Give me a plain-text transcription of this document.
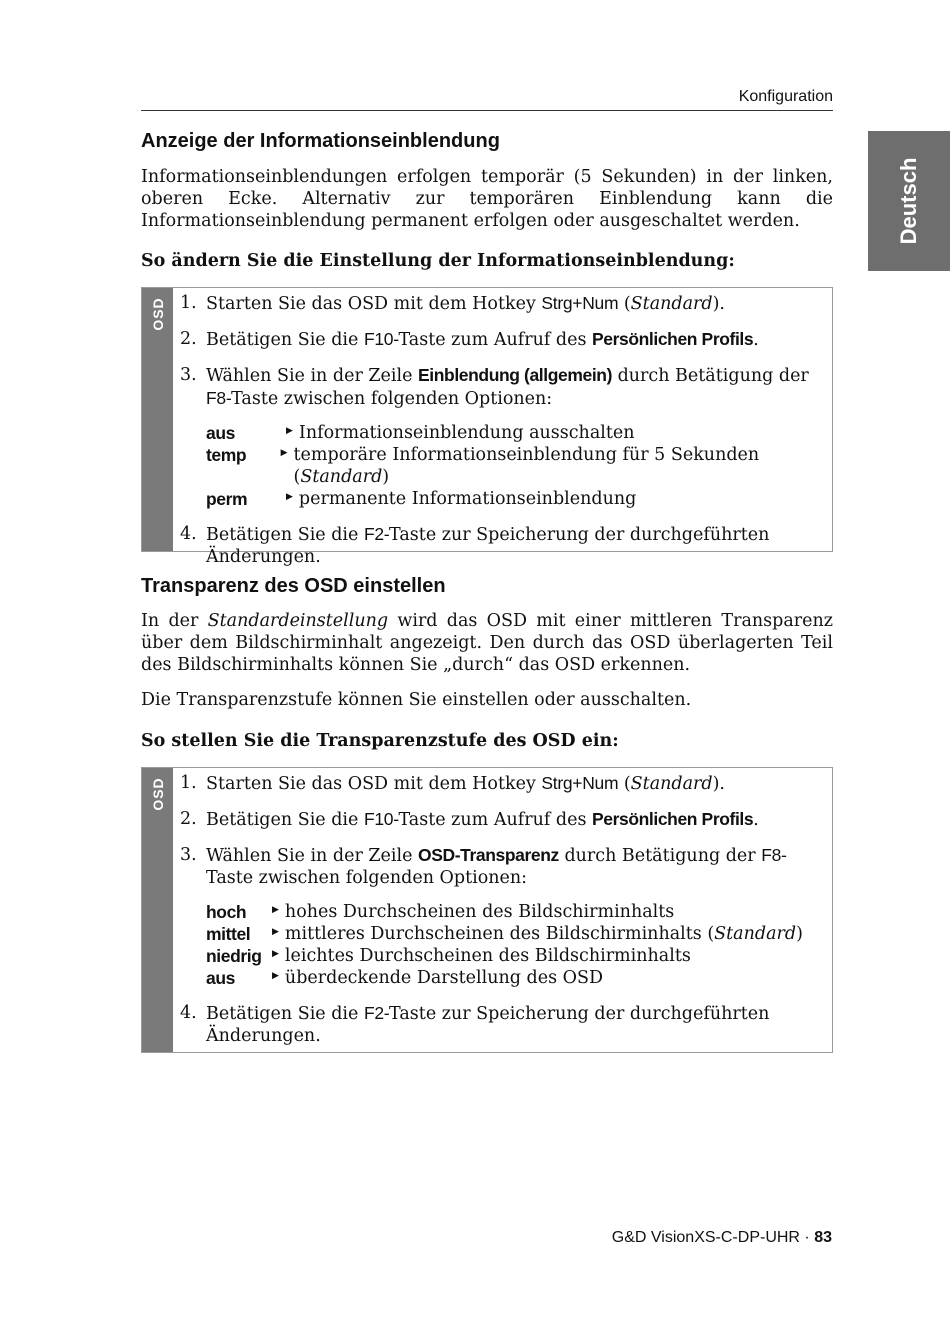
Konfiguration
Deutsch
Anzeige der Informationseinblendung

Informationseinblendungen erfolgen temporär (5 Sekunden) in der linken, oberen Ecke. Alternativ zur temporären Einblendung kann die Informationseinblendung permanent erfolgen oder ausgeschaltet werden.

So ändern Sie die Einstellung der Informationseinblendung:

OSD 1. Starten Sie das OSD mit dem Hotkey Strg+Num (Standard).
2. Betätigen Sie die F10-Taste zum Aufruf des Persönlichen Profils.
3. Wählen Sie in der Zeile Einblendung (allgemein) durch Betätigung der F8-Taste zwischen folgenden Optionen:
aus	▶ Informationseinblendung ausschalten
temp	▶ temporäre Informationseinblendung für 5 Sekunden (Standard)
perm	▶ permanente Informationseinblendung
4. Betätigen Sie die F2-Taste zur Speicherung der durchgeführten Änderungen.
Transparenz des OSD einstellen

In der Standardeinstellung wird das OSD mit einer mittleren Transparenz über dem Bildschirminhalt angezeigt. Den durch das OSD überlagerten Teil des Bildschirminhalts können Sie „durch“ das OSD erkennen.

Die Transparenzstufe können Sie einstellen oder ausschalten.

So stellen Sie die Transparenzstufe des OSD ein:

OSD 1. Starten Sie das OSD mit dem Hotkey Strg+Num (Standard).
2. Betätigen Sie die F10-Taste zum Aufruf des Persönlichen Profils.
3. Wählen Sie in der Zeile OSD-Transparenz durch Betätigung der F8-Taste zwischen folgenden Optionen:
hoch	▶ hohes Durchscheinen des Bildschirminhalts
mittel	▶ mittleres Durchscheinen des Bildschirminhalts (Standard)
niedrig	▶ leichtes Durchscheinen des Bildschirminhalts
aus	▶ überdeckende Darstellung des OSD
4. Betätigen Sie die F2-Taste zur Speicherung der durchgeführten Änderungen.
G&D VisionXS-C-DP-UHR · 83
